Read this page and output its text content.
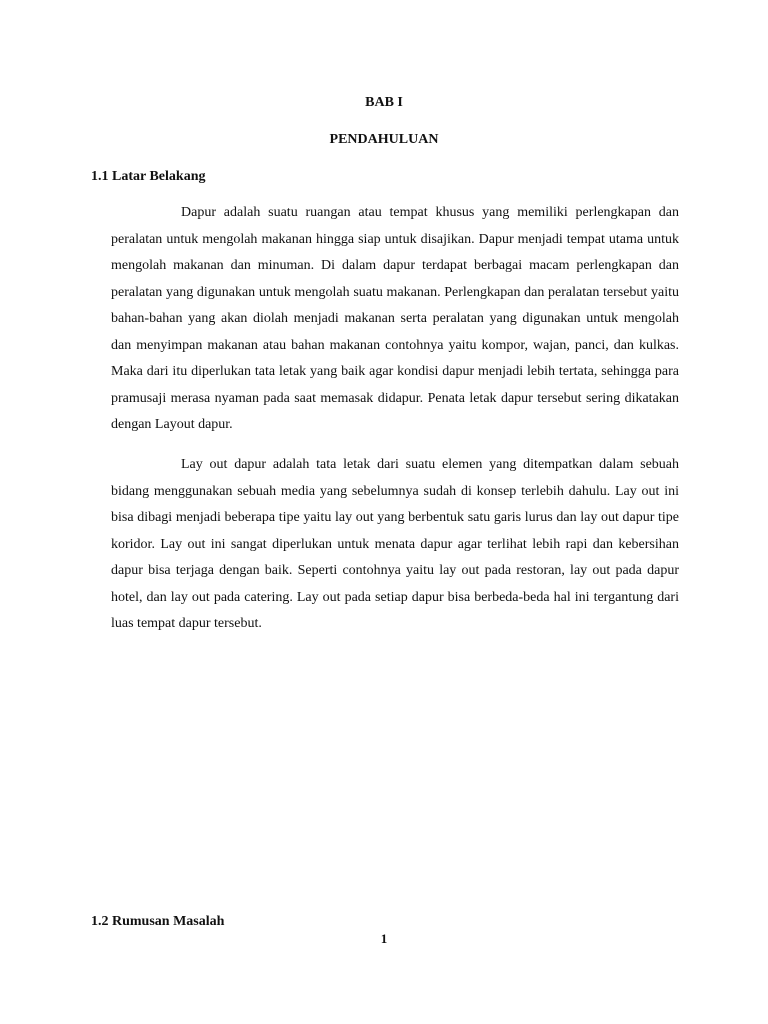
BAB I
PENDAHULUAN
1.1 Latar Belakang

Dapur adalah suatu ruangan atau tempat khusus yang memiliki perlengkapan dan peralatan untuk mengolah makanan hingga siap untuk disajikan. Dapur menjadi tempat utama untuk mengolah makanan dan minuman. Di dalam dapur terdapat berbagai macam perlengkapan dan peralatan yang digunakan untuk mengolah suatu makanan. Perlengkapan dan peralatan tersebut yaitu bahan-bahan yang akan diolah menjadi makanan serta peralatan yang digunakan untuk mengolah dan menyimpan makanan atau bahan makanan contohnya yaitu kompor, wajan, panci, dan kulkas. Maka dari itu diperlukan tata letak yang baik agar kondisi dapur menjadi lebih tertata, sehingga para pramusaji merasa nyaman pada saat memasak didapur. Penata letak dapur tersebut sering dikatakan dengan Layout dapur.

Lay out dapur adalah tata letak dari suatu elemen yang ditempatkan dalam sebuah bidang menggunakan sebuah media yang sebelumnya sudah di konsep terlebih dahulu. Lay out ini bisa dibagi menjadi beberapa tipe yaitu lay out yang berbentuk satu garis lurus dan lay out dapur tipe koridor. Lay out ini sangat diperlukan untuk menata dapur agar terlihat lebih rapi dan kebersihan dapur bisa terjaga dengan baik. Seperti contohnya yaitu lay out pada restoran, lay out pada dapur hotel, dan lay out pada catering. Lay out pada setiap dapur bisa berbeda-beda hal ini tergantung dari luas tempat dapur tersebut.

1.2 Rumusan Masalah
1
